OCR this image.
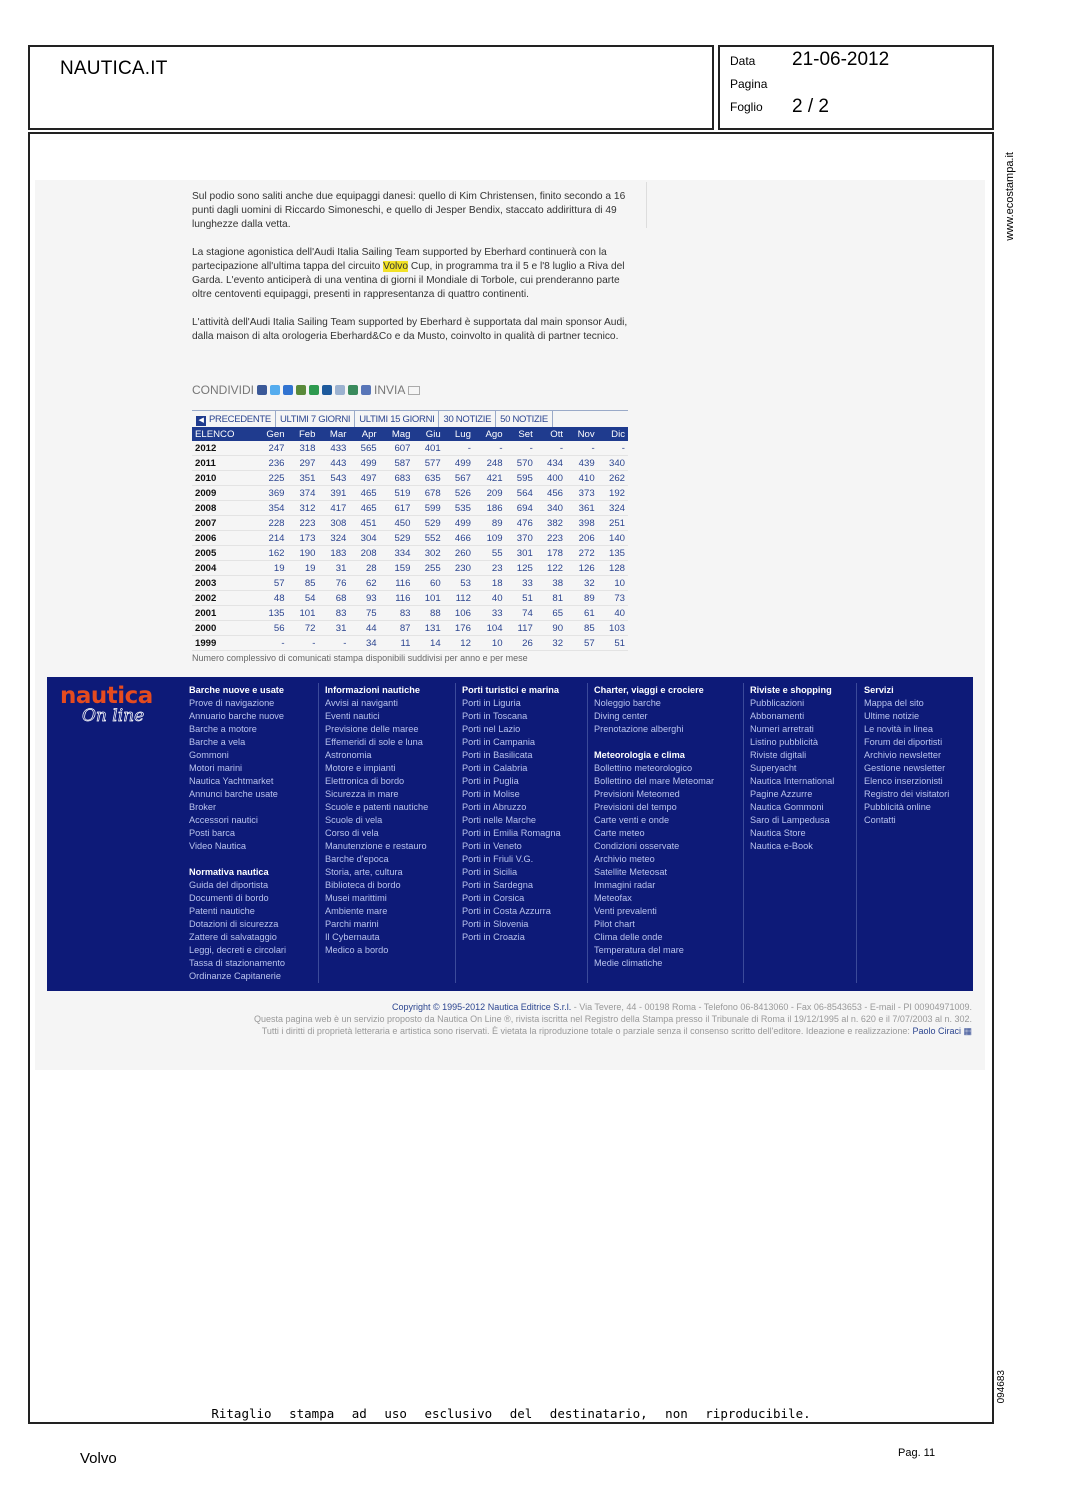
NAUTICA.IT	Data 21-06-2012
Pagina
Foglio 2 / 2
www.ecostampa.it
094683

Sul podio sono saliti anche due equipaggi danesi: quello di Kim Christensen, finito secondo a 16 punti dagli uomini di Riccardo Simoneschi, e quello di Jesper Bendix, staccato addirittura di 49 lunghezze dalla vetta.

La stagione agonistica dell'Audi Italia Sailing Team supported by Eberhard continuerà con la partecipazione all'ultima tappa del circuito Volvo Cup, in programma tra il 5 e l'8 luglio a Riva del Garda. L'evento anticiperà di una ventina di giorni il Mondiale di Torbole, cui prenderanno parte oltre centoventi equipaggi, presenti in rappresentanza di quattro continenti.

L'attività dell'Audi Italia Sailing Team supported by Eberhard è supportata dal main sponsor Audi, dalla maison di alta orologeria Eberhard&Co e da Musto, coinvolto in qualità di partner tecnico.

CONDIVIDI	INVIA
◀ PRECEDENTE ULTIMI 7 GIORNI ULTIMI 15 GIORNI 30 NOTIZIE 50 NOTIZIE
ELENCO	Gen	Feb	Mar	Apr	Mag	Giu	Lug	Ago	Set	Ott	Nov	Dic
2012	247	318	433	565	607	401	-	-	-	-	-	-
2011	236	297	443	499	587	577	499	248	570	434	439	340
2010	225	351	543	497	683	635	567	421	595	400	410	262
2009	369	374	391	465	519	678	526	209	564	456	373	192
2008	354	312	417	465	617	599	535	186	694	340	361	324
2007	228	223	308	451	450	529	499	89	476	382	398	251
2006	214	173	324	304	529	552	466	109	370	223	206	140
2005	162	190	183	208	334	302	260	55	301	178	272	135
2004	19	19	31	28	159	255	230	23	125	122	126	128
2003	57	85	76	62	116	60	53	18	33	38	32	10
2002	48	54	68	93	116	101	112	40	51	81	89	73
2001	135	101	83	75	83	88	106	33	74	65	61	40
2000	56	72	31	44	87	131	176	104	117	90	85	103
1999	-	-	-	34	11	14	12	10	26	32	57	51
Numero complessivo di comunicati stampa disponibili suddivisi per anno e per mese
nautica
On line
Barche nuove e usate
Prove di navigazione
Annuario barche nuove
Barche a motore
Barche a vela
Gommoni
Motori marini
Nautica Yachtmarket
Annunci barche usate
Broker
Accessori nautici
Posti barca
Video Nautica
Normativa nautica
Guida del diportista
Documenti di bordo
Patenti nautiche
Dotazioni di sicurezza
Zattere di salvataggio
Leggi, decreti e circolari
Tassa di stazionamento
Ordinanze Capitanerie
Informazioni nautiche
Avvisi ai naviganti
Eventi nautici
Previsione delle maree
Effemeridi di sole e luna
Astronomia
Motore e impianti
Elettronica di bordo
Sicurezza in mare
Scuole e patenti nautiche
Scuole di vela
Corso di vela
Manutenzione e restauro
Barche d'epoca
Storia, arte, cultura
Biblioteca di bordo
Musei marittimi
Ambiente mare
Parchi marini
Il Cybernauta
Medico a bordo
Porti turistici e marina
Porti in Liguria
Porti in Toscana
Porti nel Lazio
Porti in Campania
Porti in Basilicata
Porti in Calabria
Porti in Puglia
Porti in Molise
Porti in Abruzzo
Porti nelle Marche
Porti in Emilia Romagna
Porti in Veneto
Porti in Friuli V.G.
Porti in Sicilia
Porti in Sardegna
Porti in Corsica
Porti in Costa Azzurra
Porti in Slovenia
Porti in Croazia
Charter, viaggi e crociere
Noleggio barche
Diving center
Prenotazione alberghi
Meteorologia e clima
Bollettino meteorologico
Bollettino del mare Meteomar
Previsioni Meteomed
Previsioni del tempo
Carte venti e onde
Carte meteo
Condizioni osservate
Archivio meteo
Satellite Meteosat
Immagini radar
Meteofax
Venti prevalenti
Pilot chart
Clima delle onde
Temperatura del mare
Medie climatiche
Riviste e shopping
Pubblicazioni
Abbonamenti
Numeri arretrati
Listino pubblicità
Riviste digitali
Superyacht
Nautica International
Pagine Azzurre
Nautica Gommoni
Saro di Lampedusa
Nautica Store
Nautica e-Book
Servizi
Mappa del sito
Ultime notizie
Le novità in linea
Forum dei diportisti
Archivio newsletter
Gestione newsletter
Elenco inserzionisti
Registro dei visitatori
Pubblicità online
Contatti
Copyright © 1995-2012 Nautica Editrice S.r.l. - Via Tevere, 44 - 00198 Roma - Telefono 06-8413060 - Fax 06-8543653 - E-mail - PI 00904971009.
Questa pagina web è un servizio proposto da Nautica On Line ®, rivista iscritta nel Registro della Stampa presso il Tribunale di Roma il 19/12/1995 al n. 620 e il 7/07/2003 al n. 302.
Tutti i diritti di proprietà letteraria e artistica sono riservati. È vietata la riproduzione totale o parziale senza il consenso scritto dell'editore. Ideazione e realizzazione: Paolo Ciraci ▦
Ritaglio stampa ad uso esclusivo del destinatario, non riproducibile.
Volvo	Pag. 11
